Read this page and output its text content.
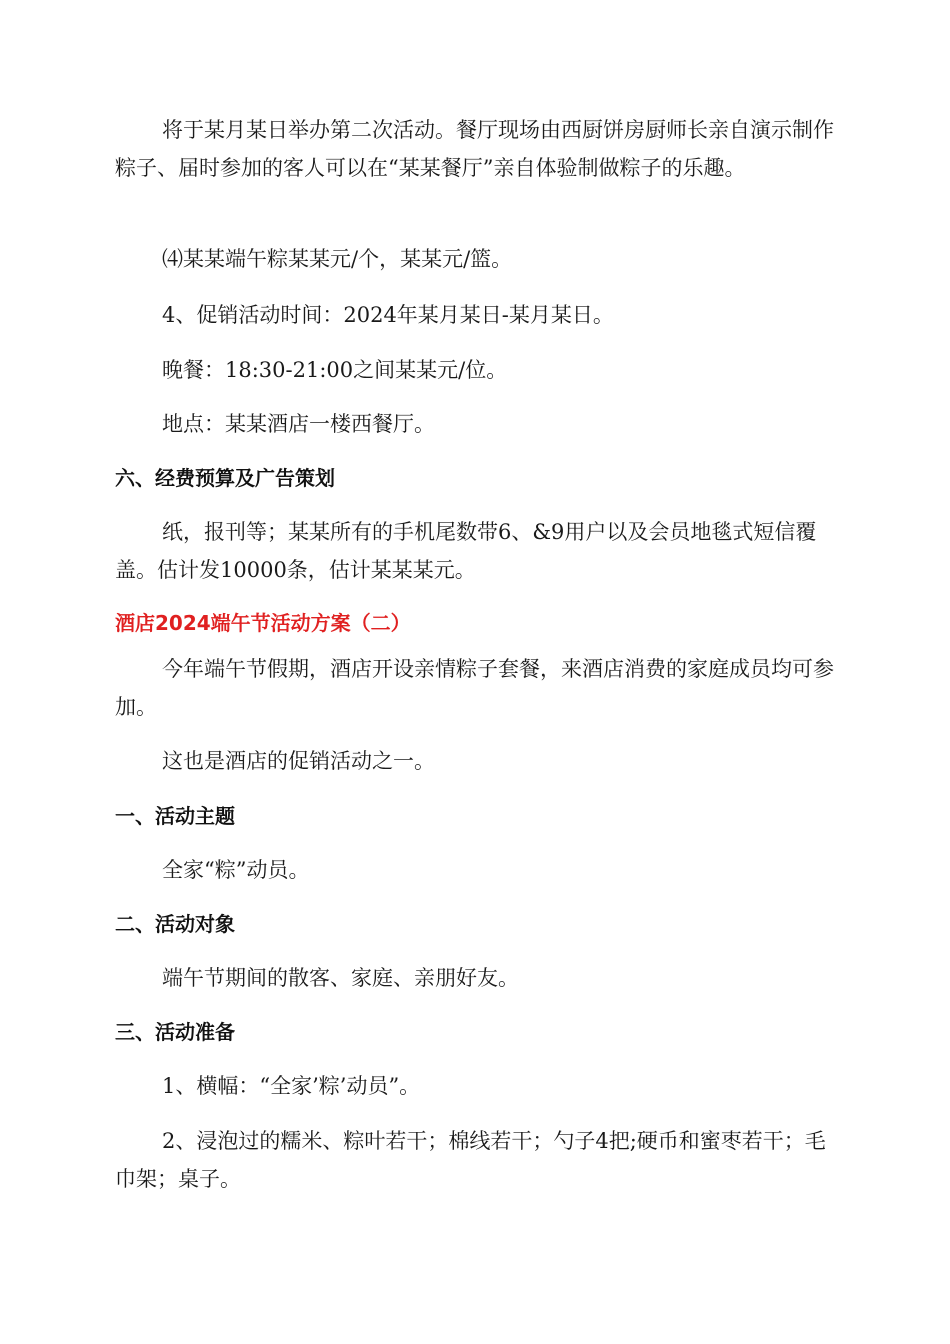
将于某月某日举办第二次活动。餐厅现场由西厨饼房厨师长亲自演示制作粽子、届时参加的客人可以在“某某餐厅”亲自体验制做粽子的乐趣。

⑷某某端午粽某某元/个，某某元/篮。

4、促销活动时间：2024年某月某日-某月某日。

晚餐：18:30-21:00之间某某元/位。

地点：某某酒店一楼西餐厅。

六、经费预算及广告策划

纸，报刊等；某某所有的手机尾数带6、&9用户以及会员地毯式短信覆盖。估计发10000条，估计某某某元。

酒店2024端午节活动方案（二）

今年端午节假期，酒店开设亲情粽子套餐，来酒店消费的家庭成员均可参加。

这也是酒店的促销活动之一。

一、活动主题

全家“粽”动员。

二、活动对象

端午节期间的散客、家庭、亲朋好友。

三、活动准备

1、横幅：“全家’粽’动员”。

2、浸泡过的糯米、粽叶若干；棉线若干；勺子4把;硬币和蜜枣若干；毛巾架；桌子。
